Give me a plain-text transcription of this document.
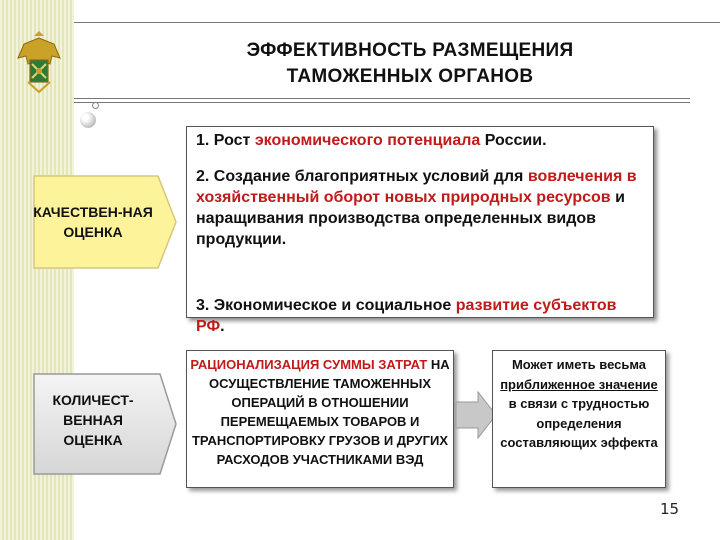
ЭФФЕКТИВНОСТЬ РАЗМЕЩЕНИЯ
ТАМОЖЕННЫХ ОРГАНОВ
КАЧЕСТВЕН-НАЯ ОЦЕНКА
1. Рост экономического потенциала России.
2. Создание благоприятных условий для вовлечения в хозяйственный оборот новых природных ресурсов и наращивания производства определенных видов продукции.
3. Экономическое и социальное развитие субъектов РФ.
КОЛИЧЕСТ-ВЕННАЯ ОЦЕНКА
РАЦИОНАЛИЗАЦИЯ СУММЫ ЗАТРАТ НА ОСУЩЕСТВЛЕНИЕ ТАМОЖЕННЫХ ОПЕРАЦИЙ В ОТНОШЕНИИ ПЕРЕМЕЩАЕМЫХ ТОВАРОВ И ТРАНСПОРТИРОВКУ ГРУЗОВ И ДРУГИХ РАСХОДОВ УЧАСТНИКАМИ ВЭД
Может иметь весьма приближенное значение в связи с трудностью определения составляющих эффекта
15
